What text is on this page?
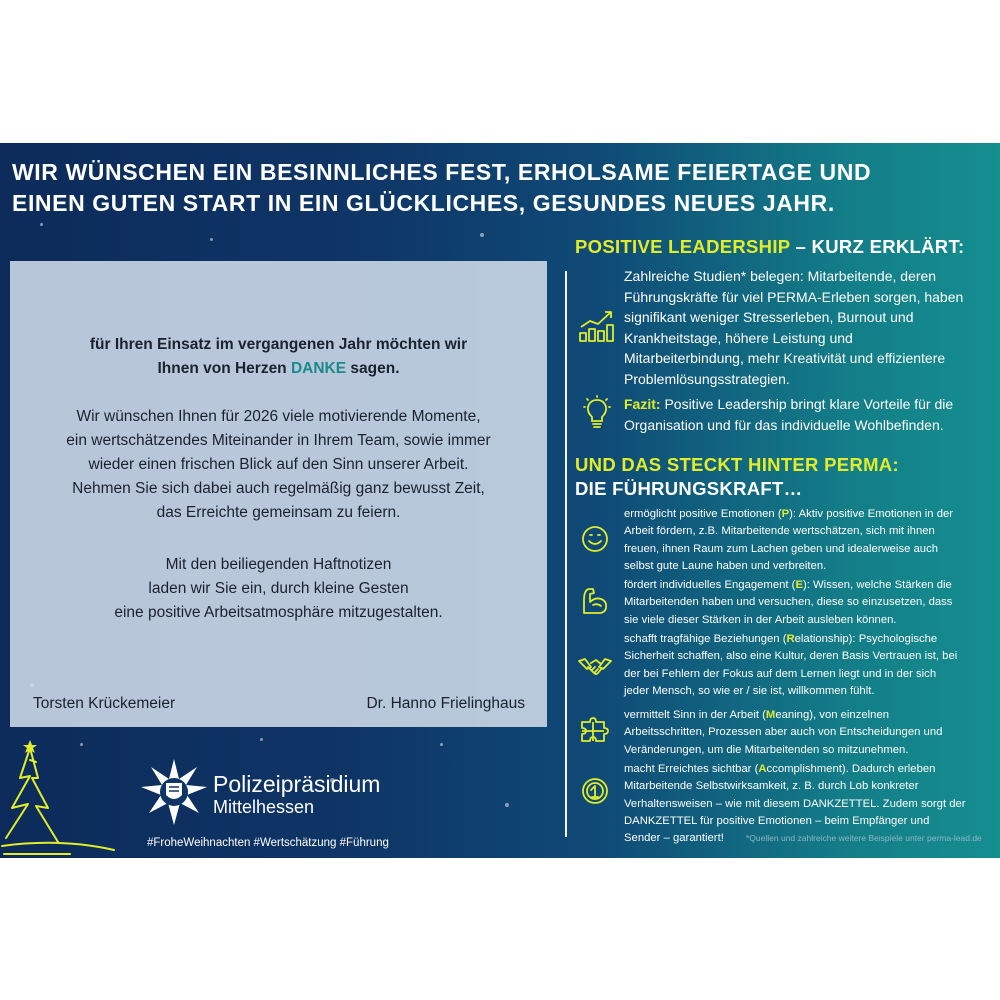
WIR WÜNSCHEN EIN BESINNLICHES FEST, ERHOLSAME FEIERTAGE UND
EINEN GUTEN START IN EIN GLÜCKLICHES, GESUNDES NEUES JAHR.
für Ihren Einsatz im vergangenen Jahr möchten wir
Ihnen von Herzen DANKE sagen.
Wir wünschen Ihnen für 2026 viele motivierende Momente,
ein wertschätzendes Miteinander in Ihrem Team, sowie immer
wieder einen frischen Blick auf den Sinn unserer Arbeit.
Nehmen Sie sich dabei auch regelmäßig ganz bewusst Zeit,
das Erreichte gemeinsam zu feiern.
Mit den beiliegenden Haftnotizen
laden wir Sie ein, durch kleine Gesten
eine positive Arbeitsatmosphäre mitzugestalten.
Torsten Krückemeier	Dr. Hanno Frielinghaus
Polizeipräsidium
Mittelhessen
#FroheWeihnachten #Wertschätzung #Führung
POSITIVE LEADERSHIP – KURZ ERKLÄRT:
Zahlreiche Studien* belegen: Mitarbeitende, deren
Führungskräfte für viel PERMA-Erleben sorgen, haben
signifikant weniger Stresserleben, Burnout und
Krankheitstage, höhere Leistung und
Mitarbeiterbindung, mehr Kreativität und effizientere
Problemlösungsstrategien.
Fazit: Positive Leadership bringt klare Vorteile für die
Organisation und für das individuelle Wohlbefinden.
UND DAS STECKT HINTER PERMA:
DIE FÜHRUNGSKRAFT…
ermöglicht positive Emotionen (P): Aktiv positive Emotionen in der
Arbeit fördern, z.B. Mitarbeitende wertschätzen, sich mit ihnen
freuen, ihnen Raum zum Lachen geben und idealerweise auch
selbst gute Laune haben und verbreiten.
fördert individuelles Engagement (E): Wissen, welche Stärken die
Mitarbeitenden haben und versuchen, diese so einzusetzen, dass
sie viele dieser Stärken in der Arbeit ausleben können.
schafft tragfähige Beziehungen (Relationship): Psychologische
Sicherheit schaffen, also eine Kultur, deren Basis Vertrauen ist, bei
der bei Fehlern der Fokus auf dem Lernen liegt und in der sich
jeder Mensch, so wie er / sie ist, willkommen fühlt.
vermittelt Sinn in der Arbeit (Meaning), von einzelnen
Arbeitsschritten, Prozessen aber auch von Entscheidungen und
Veränderungen, um die Mitarbeitenden so mitzunehmen.
macht Erreichtes sichtbar (Accomplishment). Dadurch erleben
Mitarbeitende Selbstwirksamkeit, z. B. durch Lob konkreter
Verhaltensweisen – wie mit diesem DANKZETTEL. Zudem sorgt der
DANKZETTEL für positive Emotionen – beim Empfänger und
Sender – garantiert!	*Quellen und zahlreiche weitere Beispiele unter perma-lead.de
